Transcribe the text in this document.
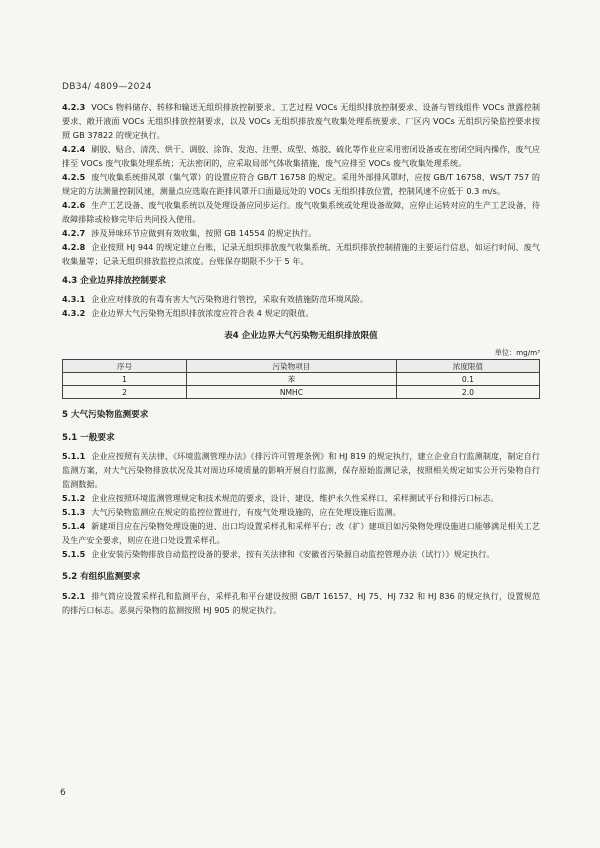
DB34/ 4809—2024

4.2.3 VOCs 物料储存、转移和输送无组织排放控制要求、工艺过程 VOCs 无组织排放控制要求、设备与管线组件 VOCs 泄露控制要求、敞开液面 VOCs 无组织排放控制要求，以及 VOCs 无组织排放废气收集处理系统要求、厂区内 VOCs 无组织污染监控要求按照 GB 37822 的规定执行。

4.2.4 刷胶、贴合、清洗、烘干、调胶、涂饰、发泡、注塑、成型、炼胶、硫化等作业应采用密闭设备或在密闭空间内操作，废气应排至 VOCs 废气收集处理系统；无法密闭的，应采取局部气体收集措施，废气应排至 VOCs 废气收集处理系统。

4.2.5 废气收集系统排风罩（集气罩）的设置应符合 GB/T 16758 的规定。采用外部排风罩时，应按 GB/T 16758、WS/T 757 的规定的方法测量控制风速，测量点应选取在距排风罩开口面最远处的 VOCs 无组织排放位置，控制风速不应低于 0.3 m/s。

4.2.6 生产工艺设备、废气收集系统以及处理设备应同步运行。废气收集系统或处理设备故障，应停止运转对应的生产工艺设备，待故障排除或检修完毕后共同投入使用。

4.2.7 涉及异味环节应做到有效收集，按照 GB 14554 的规定执行。

4.2.8 企业按照 HJ 944 的规定建立台账，记录无组织排放废气收集系统、无组织排放控制措施的主要运行信息，如运行时间、废气收集量等；记录无组织排放监控点浓度。台账保存期限不少于 5 年。

4.3 企业边界排放控制要求

4.3.1 企业应对排放的有毒有害大气污染物进行管控，采取有效措施防范环境风险。

4.3.2 企业边界大气污染物无组织排放浓度应符合表 4 规定的限值。

表4 企业边界大气污染物无组织排放限值

单位：mg/m³

序号	污染物项目	浓度限值
1	苯	0.1
2	NMHC	2.0

5 大气污染物监测要求

5.1 一般要求

5.1.1 企业应按照有关法律、《环境监测管理办法》《排污许可管理条例》和 HJ 819 的规定执行，建立企业自行监测制度，制定自行监测方案，对大气污染物排放状况及其对周边环境质量的影响开展自行监测，保存原始监测记录，按照相关规定如实公开污染物自行监测数据。

5.1.2 企业应按照环境监测管理规定和技术规范的要求，设计、建设、维护永久性采样口、采样测试平台和排污口标志。

5.1.3 大气污染物监测应在规定的监控位置进行，有废气处理设施的，应在处理设施后监测。

5.1.4 新建项目应在污染物处理设施的进、出口均设置采样孔和采样平台；改（扩）建项目如污染物处理设施进口能够满足相关工艺及生产安全要求，则应在进口处设置采样孔。

5.1.5 企业安装污染物排放自动监控设备的要求，按有关法律和《安徽省污染源自动监控管理办法（试行）》规定执行。

5.2 有组织监测要求

5.2.1 排气筒应设置采样孔和监测平台，采样孔和平台建设按照 GB/T 16157、HJ 75、HJ 732 和 HJ 836 的规定执行，设置规范的排污口标志。恶臭污染物的监测按照 HJ 905 的规定执行。

6
